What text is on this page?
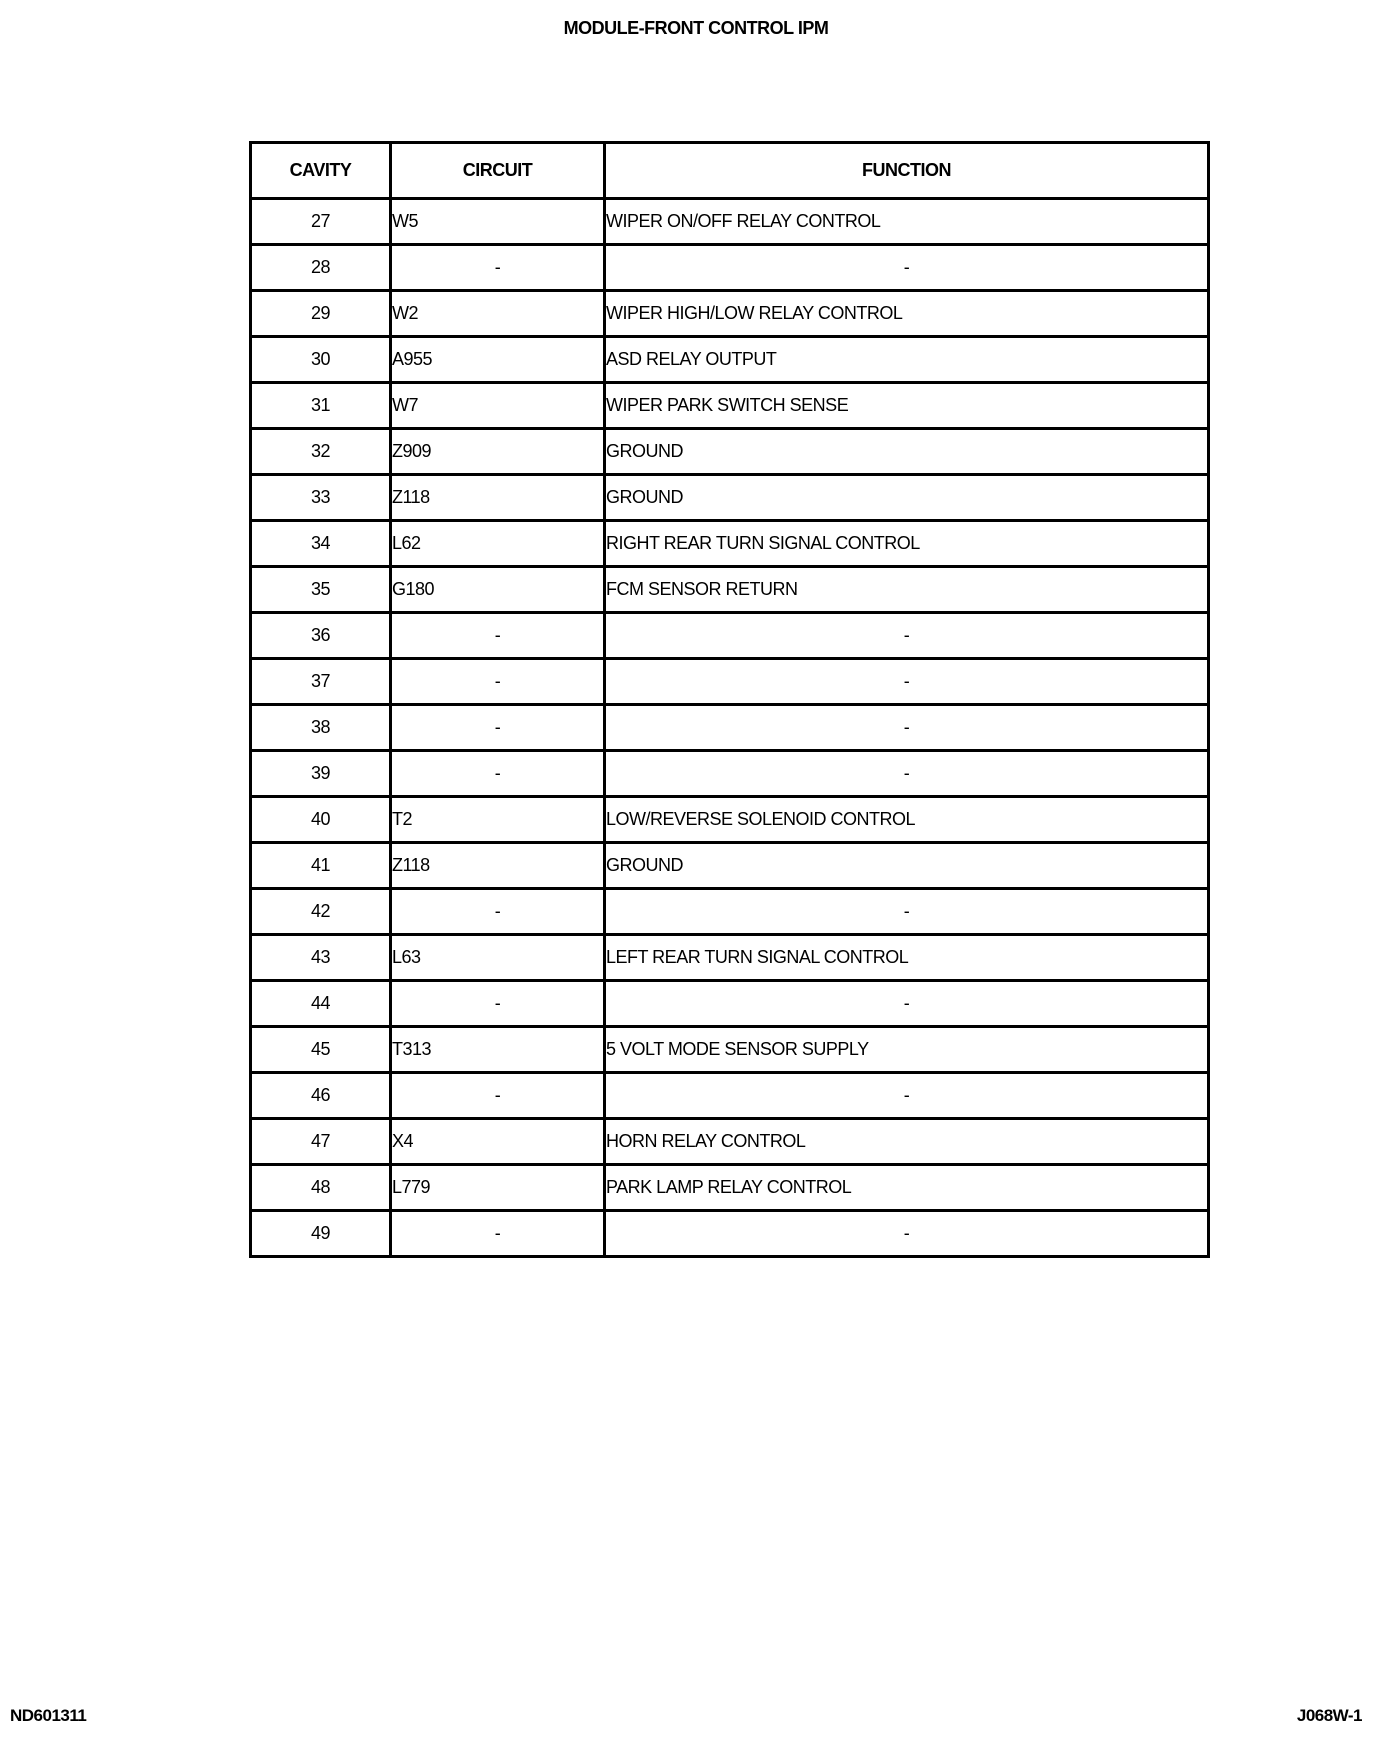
MODULE-FRONT CONTROL IPM
CAVITY	CIRCUIT	FUNCTION
27	W5	WIPER ON/OFF RELAY CONTROL
28	-	-
29	W2	WIPER HIGH/LOW RELAY CONTROL
30	A955	ASD RELAY OUTPUT
31	W7	WIPER PARK SWITCH SENSE
32	Z909	GROUND
33	Z118	GROUND
34	L62	RIGHT REAR TURN SIGNAL CONTROL
35	G180	FCM SENSOR RETURN
36	-	-
37	-	-
38	-	-
39	-	-
40	T2	LOW/REVERSE SOLENOID CONTROL
41	Z118	GROUND
42	-	-
43	L63	LEFT REAR TURN SIGNAL CONTROL
44	-	-
45	T313	5 VOLT MODE SENSOR SUPPLY
46	-	-
47	X4	HORN RELAY CONTROL
48	L779	PARK LAMP RELAY CONTROL
49	-	-
ND601311	J068W-1
